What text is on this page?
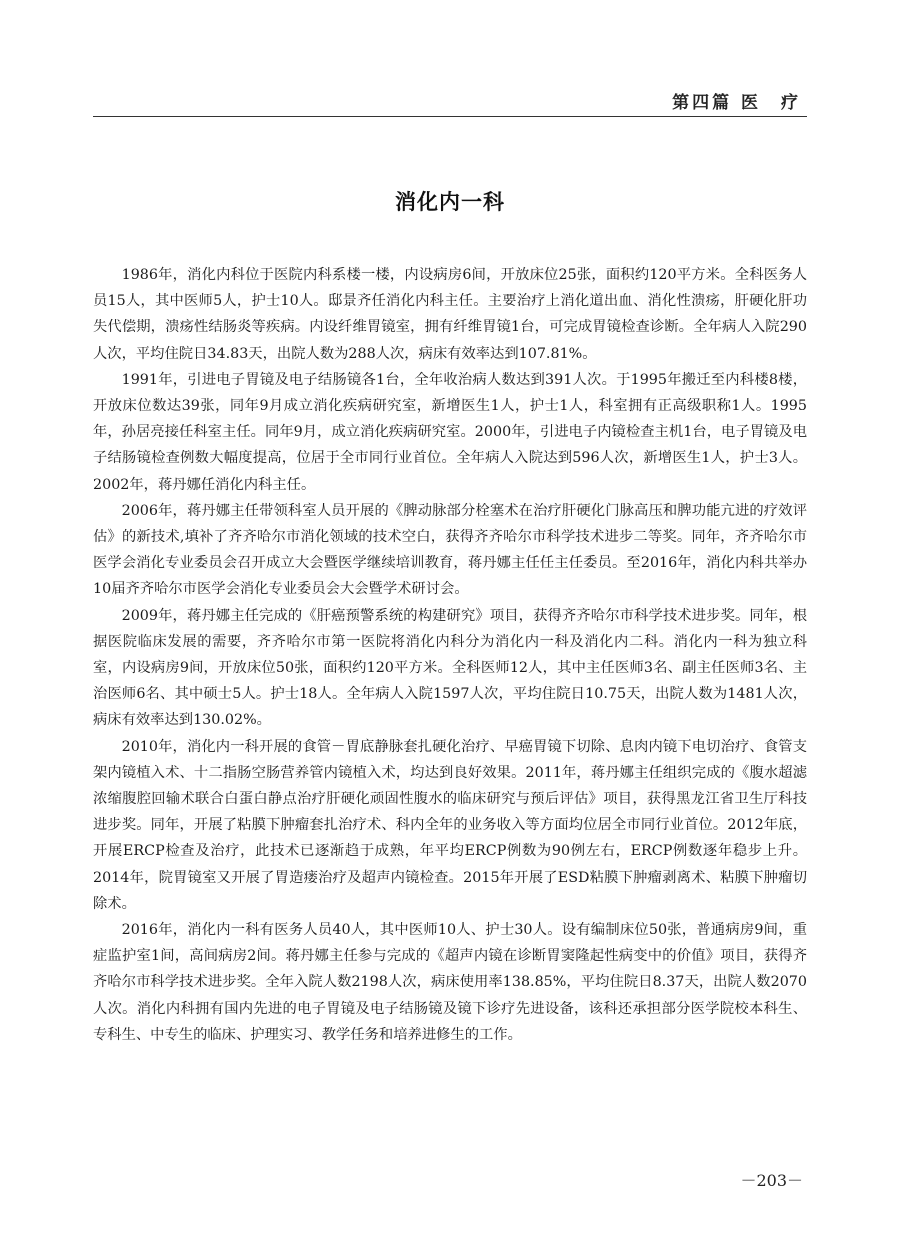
第四篇 医　疗
消化内一科

1986年，消化内科位于医院内科系楼一楼，内设病房6间，开放床位25张，面积约120平方米。全科医务人员15人，其中医师5人，护士10人。邸景齐任消化内科主任。主要治疗上消化道出血、消化性溃疡，肝硬化肝功失代偿期，溃疡性结肠炎等疾病。内设纤维胃镜室，拥有纤维胃镜1台，可完成胃镜检查诊断。全年病人入院290人次，平均住院日34.83天，出院人数为288人次，病床有效率达到107.81%。

1991年，引进电子胃镜及电子结肠镜各1台，全年收治病人数达到391人次。于1995年搬迁至内科楼8楼，开放床位数达39张，同年9月成立消化疾病研究室，新增医生1人，护士1人，科室拥有正高级职称1人。1995年，孙居亮接任科室主任。同年9月，成立消化疾病研究室。2000年，引进电子内镜检查主机1台，电子胃镜及电子结肠镜检查例数大幅度提高，位居于全市同行业首位。全年病人入院达到596人次，新增医生1人，护士3人。2002年，蒋丹娜任消化内科主任。

2006年，蒋丹娜主任带领科室人员开展的《脾动脉部分栓塞术在治疗肝硬化门脉高压和脾功能亢进的疗效评估》的新技术,填补了齐齐哈尔市消化领域的技术空白，获得齐齐哈尔市科学技术进步二等奖。同年，齐齐哈尔市医学会消化专业委员会召开成立大会暨医学继续培训教育，蒋丹娜主任任主任委员。至2016年，消化内科共举办10届齐齐哈尔市医学会消化专业委员会大会暨学术研讨会。

2009年，蒋丹娜主任完成的《肝癌预警系统的构建研究》项目，获得齐齐哈尔市科学技术进步奖。同年，根据医院临床发展的需要，齐齐哈尔市第一医院将消化内科分为消化内一科及消化内二科。消化内一科为独立科室，内设病房9间，开放床位50张，面积约120平方米。全科医师12人，其中主任医师3名、副主任医师3名、主治医师6名、其中硕士5人。护士18人。全年病人入院1597人次，平均住院日10.75天，出院人数为1481人次，病床有效率达到130.02%。

2010年，消化内一科开展的食管－胃底静脉套扎硬化治疗、早癌胃镜下切除、息肉内镜下电切治疗、食管支架内镜植入术、十二指肠空肠营养管内镜植入术，均达到良好效果。2011年，蒋丹娜主任组织完成的《腹水超滤浓缩腹腔回输术联合白蛋白静点治疗肝硬化顽固性腹水的临床研究与预后评估》项目，获得黑龙江省卫生厅科技进步奖。同年，开展了粘膜下肿瘤套扎治疗术、科内全年的业务收入等方面均位居全市同行业首位。2012年底，开展ERCP检查及治疗，此技术已逐渐趋于成熟，年平均ERCP例数为90例左右，ERCP例数逐年稳步上升。2014年，院胃镜室又开展了胃造瘘治疗及超声内镜检查。2015年开展了ESD粘膜下肿瘤剥离术、粘膜下肿瘤切除术。

2016年，消化内一科有医务人员40人，其中医师10人、护士30人。设有编制床位50张，普通病房9间，重症监护室1间，高间病房2间。蒋丹娜主任参与完成的《超声内镜在诊断胃窦隆起性病变中的价值》项目，获得齐齐哈尔市科学技术进步奖。全年入院人数2198人次，病床使用率138.85%，平均住院日8.37天，出院人数2070人次。消化内科拥有国内先进的电子胃镜及电子结肠镜及镜下诊疗先进设备，该科还承担部分医学院校本科生、专科生、中专生的临床、护理实习、教学任务和培养进修生的工作。

－203－
